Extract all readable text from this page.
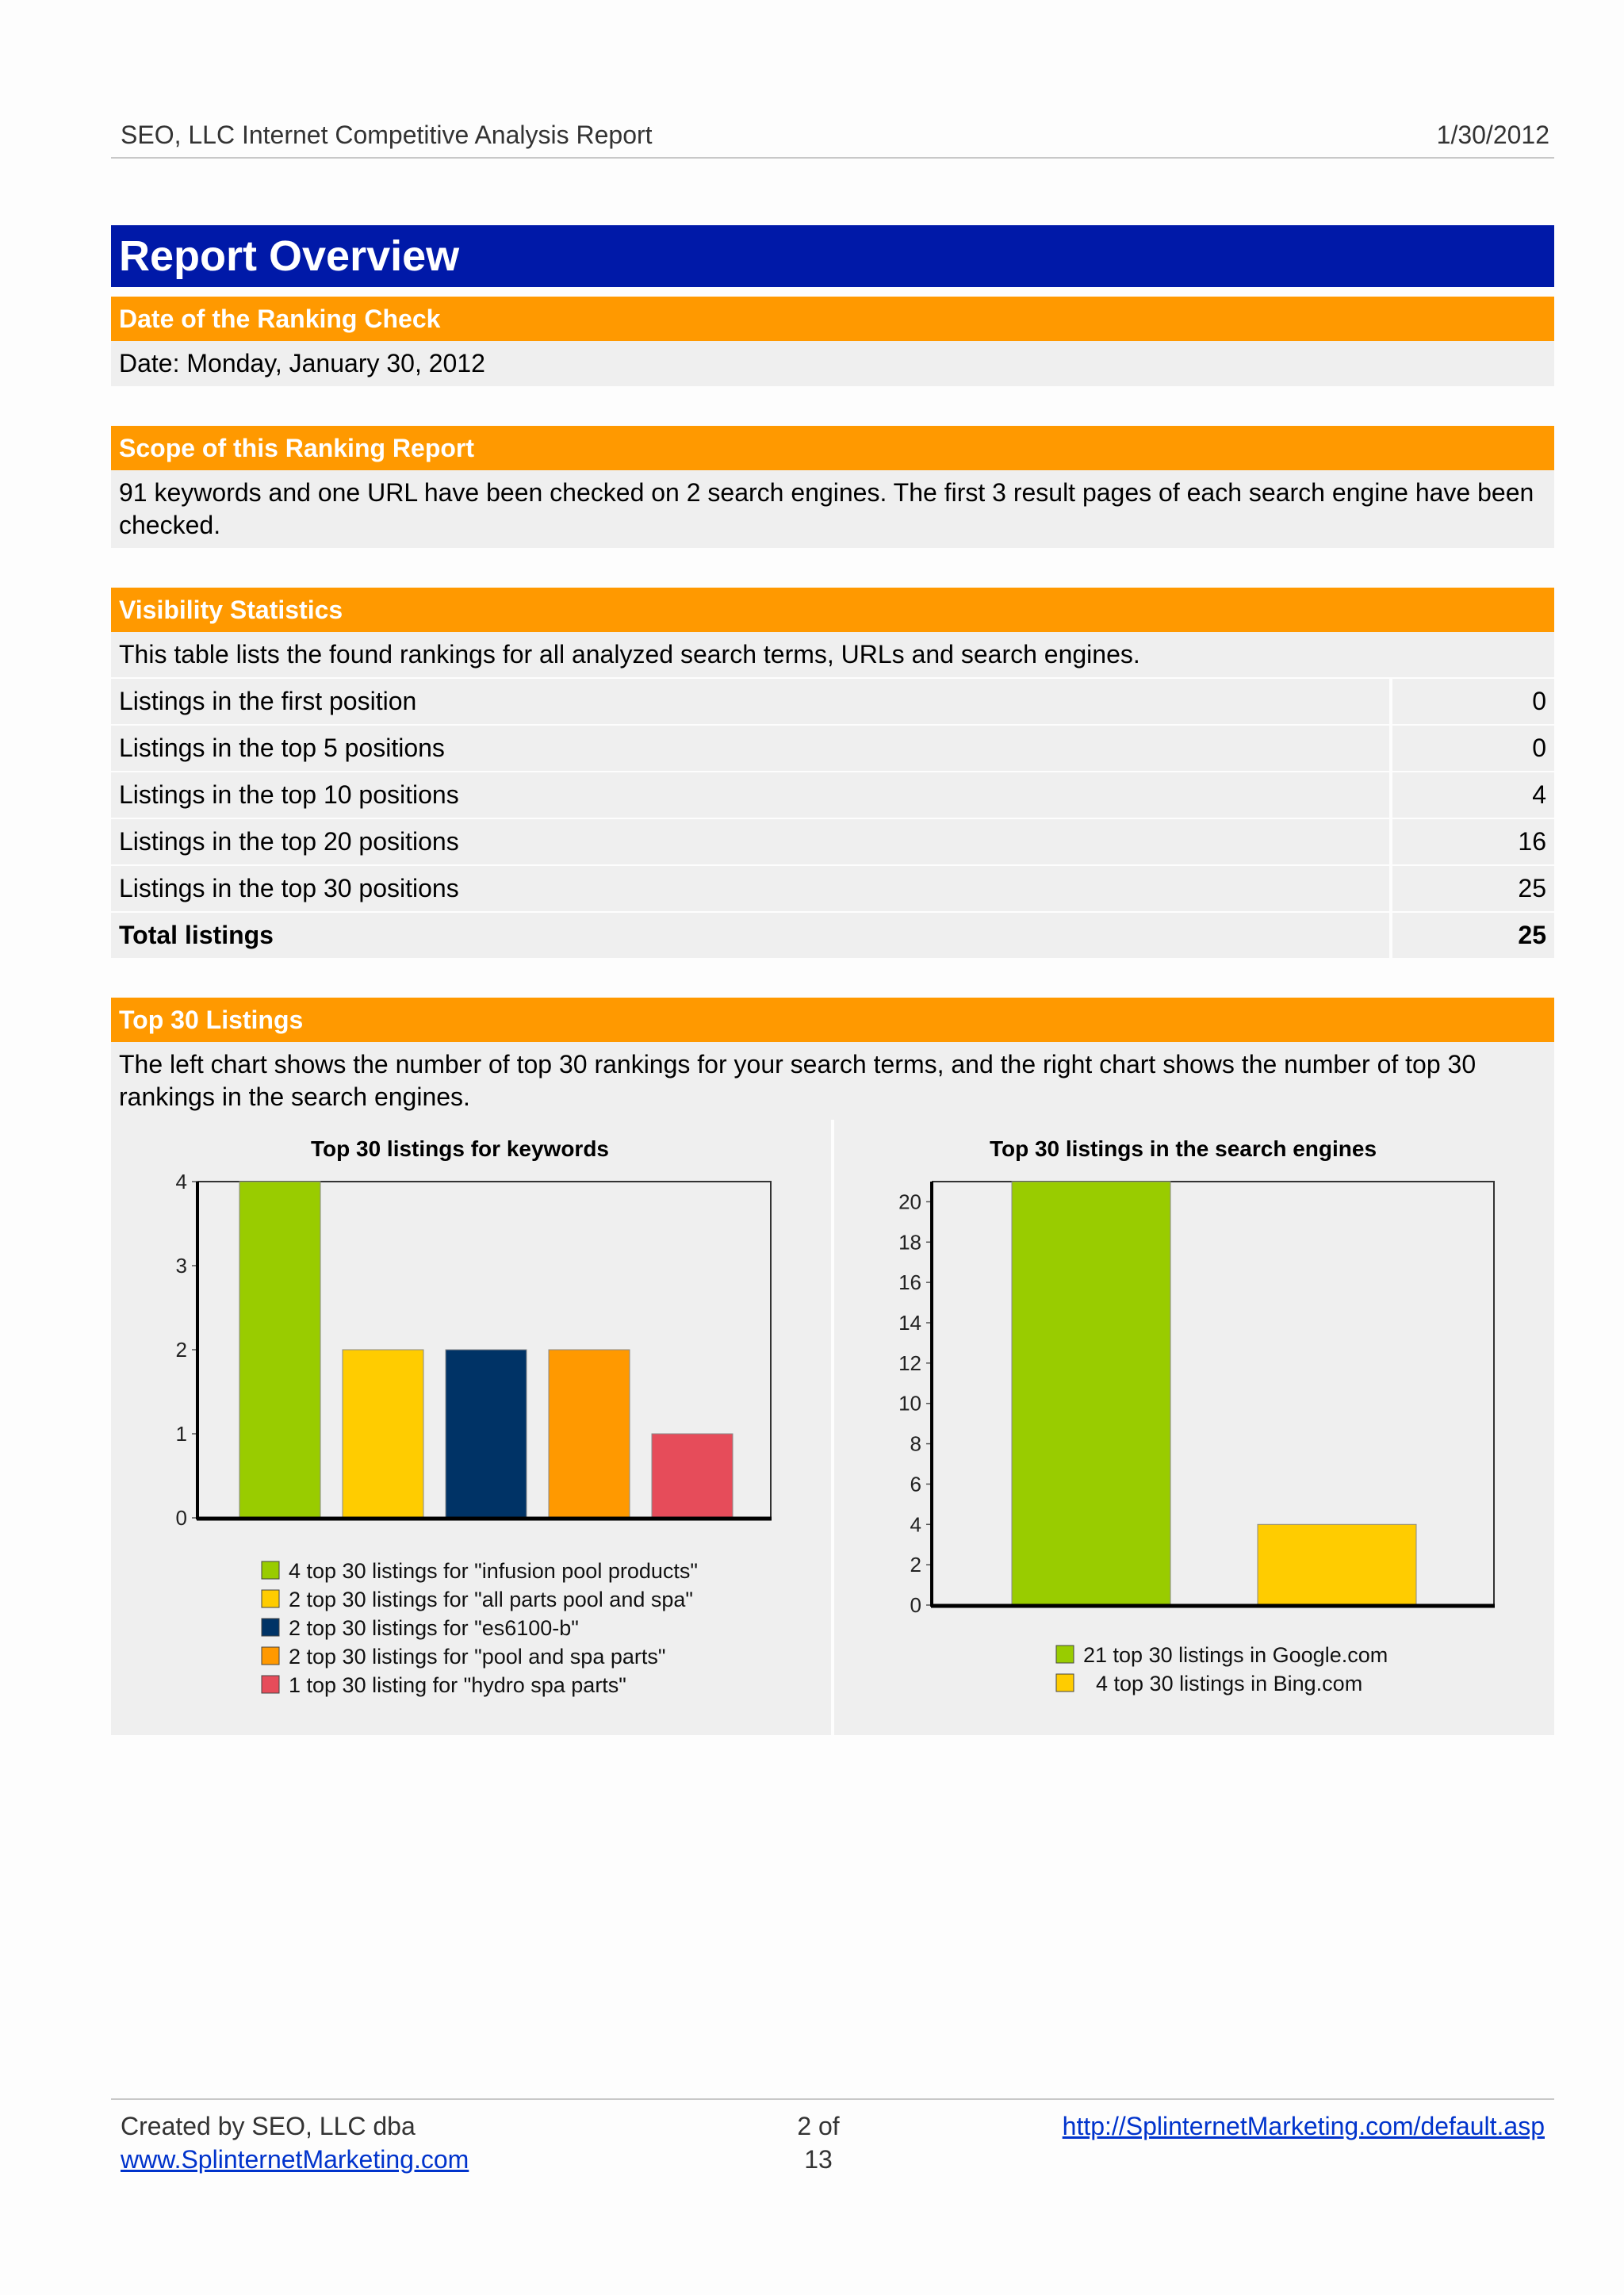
SEO, LLC Internet Competitive Analysis Report	1/30/2012
Report Overview
Date of the Ranking Check
Date: Monday, January 30, 2012
Scope of this Ranking Report
91 keywords and one URL have been checked on 2 search engines. The first 3 result pages of each search engine have been checked.
Visibility Statistics
This table lists the found rankings for all analyzed search terms, URLs and search engines.
Listings in the first position	0
Listings in the top 5 positions	0
Listings in the top 10 positions	4
Listings in the top 20 positions	16
Listings in the top 30 positions	25
Total listings	25
Top 30 Listings
The left chart shows the number of top 30 rankings for your search terms, and the right chart shows the number of top 30 rankings in the search engines.
Top 30 listings for keywords
0
1
2
3
4
4 top 30 listings for "infusion pool products"
2 top 30 listings for "all parts pool and spa"
2 top 30 listings for "es6100-b"
2 top 30 listings for "pool and spa parts"
1 top 30 listing for "hydro spa parts"
Top 30 listings in the search engines
0
2
4
6
8
10
12
14
16
18
20
21 top 30 listings in Google.com
4 top 30 listings in Bing.com
Created by SEO, LLC dba
www.SplinternetMarketing.com
2 of
13
http://SplinternetMarketing.com/default.asp
